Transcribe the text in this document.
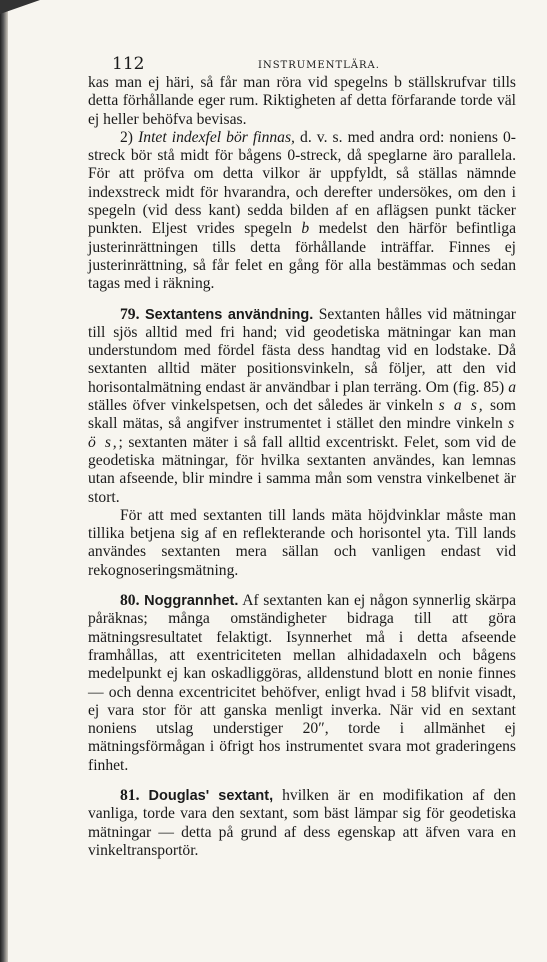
112	INSTRUMENTLÄRA.

kas man ej häri, så får man röra vid spegelns b ställskrufvar tills detta förhållande eger rum. Riktigheten af detta förfarande torde väl ej heller behöfva bevisas.

2) Intet indexfel bör finnas, d. v. s. med andra ord: noniens 0-streck bör stå midt för bågens 0-streck, då speglarne äro parallela. För att pröfva om detta vilkor är uppfyldt, så ställas nämnde indexstreck midt för hvarandra, och derefter undersökes, om den i spegeln (vid dess kant) sedda bilden af en aflägsen punkt täcker punkten. Eljest vrides spegeln b medelst den härför befintliga justerinrättningen tills detta förhållande inträffar. Finnes ej justerinrättning, så får felet en gång för alla bestämmas och sedan tagas med i räkning.

79. Sextantens användning. Sextanten hålles vid mätningar till sjös alltid med fri hand; vid geodetiska mätningar kan man understundom med fördel fästa dess handtag vid en lodstake. Då sextanten alltid mäter positionsvinkeln, så följer, att den vid horisontalmätning endast är användbar i plan terräng. Om (fig. 85) a ställes öfver vinkelspetsen, och det således är vinkeln s a s, som skall mätas, så angifver instrumentet i stället den mindre vinkeln s ö s,; sextanten mäter i så fall alltid excentriskt. Felet, som vid de geodetiska mätningar, för hvilka sextanten användes, kan lemnas utan afseende, blir mindre i samma mån som venstra vinkelbenet är stort.

För att med sextanten till lands mäta höjdvinklar måste man tillika betjena sig af en reflekterande och horisontel yta. Till lands användes sextanten mera sällan och vanligen endast vid rekognoseringsmätning.

80. Noggrannhet. Af sextanten kan ej någon synnerlig skärpa påräknas; många omständigheter bidraga till att göra mätningsresultatet felaktigt. Isynnerhet må i detta afseende framhållas, att exentriciteten mellan alhidadaxeln och bågens medelpunkt ej kan oskadliggöras, alldenstund blott en nonie finnes — och denna excentricitet behöfver, enligt hvad i 58 blifvit visadt, ej vara stor för att ganska menligt inverka. När vid en sextant noniens utslag understiger 20″, torde i allmänhet ej mätningsförmågan i öfrigt hos instrumentet svara mot graderingens finhet.

81. Douglas' sextant, hvilken är en modifikation af den vanliga, torde vara den sextant, som bäst lämpar sig för geodetiska mätningar — detta på grund af dess egenskap att äfven vara en vinkeltransportör.
